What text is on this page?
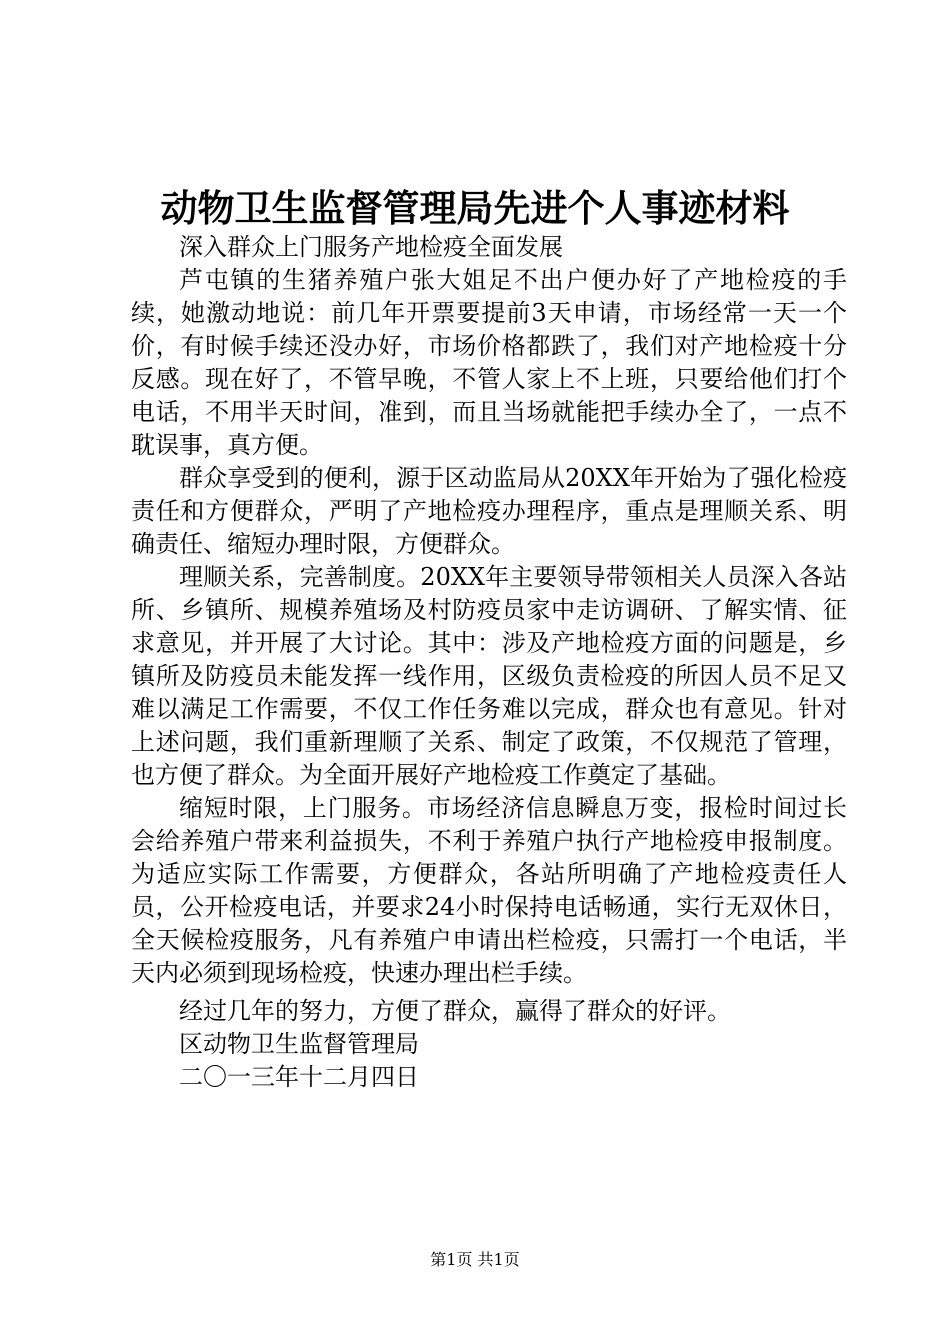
动物卫生监督管理局先进个人事迹材料

深入群众上门服务产地检疫全面发展

芦屯镇的生猪养殖户张大姐足不出户便办好了产地检疫的手续，她激动地说：前几年开票要提前3天申请，市场经常一天一个价，有时候手续还没办好，市场价格都跌了，我们对产地检疫十分反感。现在好了，不管早晚，不管人家上不上班，只要给他们打个电话，不用半天时间，准到，而且当场就能把手续办全了，一点不耽误事，真方便。

群众享受到的便利，源于区动监局从20XX年开始为了强化检疫责任和方便群众，严明了产地检疫办理程序，重点是理顺关系、明确责任、缩短办理时限，方便群众。

理顺关系，完善制度。20XX年主要领导带领相关人员深入各站所、乡镇所、规模养殖场及村防疫员家中走访调研、了解实情、征求意见，并开展了大讨论。其中：涉及产地检疫方面的问题是，乡镇所及防疫员未能发挥一线作用，区级负责检疫的所因人员不足又难以满足工作需要，不仅工作任务难以完成，群众也有意见。针对上述问题，我们重新理顺了关系、制定了政策，不仅规范了管理，也方便了群众。为全面开展好产地检疫工作奠定了基础。

缩短时限，上门服务。市场经济信息瞬息万变，报检时间过长会给养殖户带来利益损失，不利于养殖户执行产地检疫申报制度。为适应实际工作需要，方便群众，各站所明确了产地检疫责任人员，公开检疫电话，并要求24小时保持电话畅通，实行无双休日，全天候检疫服务，凡有养殖户申请出栏检疫，只需打一个电话，半天内必须到现场检疫，快速办理出栏手续。

经过几年的努力，方便了群众，赢得了群众的好评。

区动物卫生监督管理局

二〇一三年十二月四日

第1页 共1页
